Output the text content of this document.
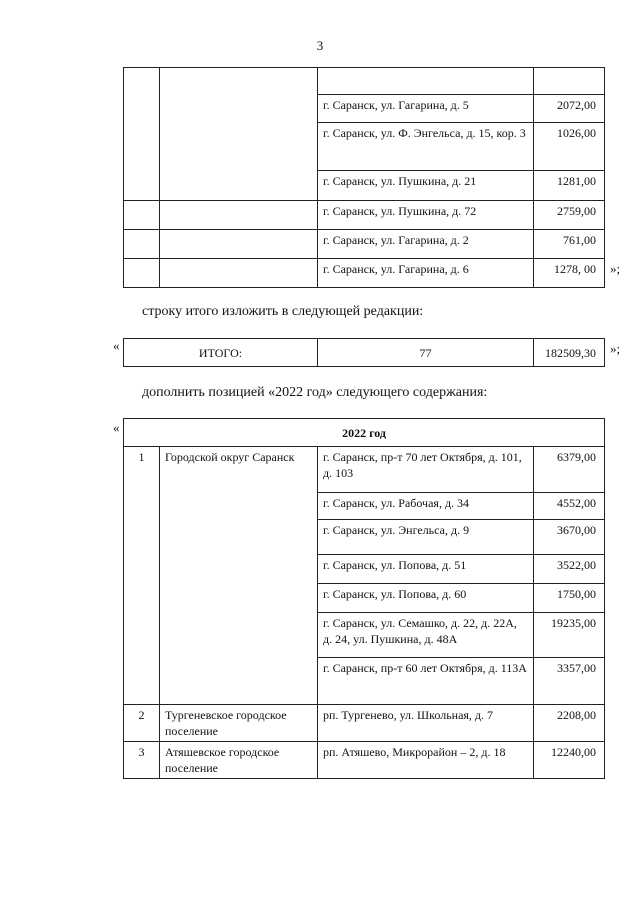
3

		г. Саранск, ул. Гагарина, д. 5	2072,00
		г. Саранск, ул. Ф. Энгельса, д. 15, кор. 3	1026,00
		г. Саранск, ул. Пушкина, д. 21	1281,00
		г. Саранск, ул. Пушкина, д. 72	2759,00
		г. Саранск, ул. Гагарина, д. 2	761,00
		г. Саранск, ул. Гагарина, д. 6	1278, 00 »;
строку итого изложить в следующей редакции:
«	ИТОГО:	77	182509,30 »;
дополнить позицией «2022 год» следующего содержания:
«	2022 год			
1	Городской округ Саранск	г. Саранск, пр-т 70 лет Октября, д. 101, д. 103	6379,00
		г. Саранск, ул. Рабочая, д. 34	4552,00
		г. Саранск, ул. Энгельса, д. 9	3670,00
		г. Саранск, ул. Попова, д. 51	3522,00
		г. Саранск, ул. Попова, д. 60	1750,00
		г. Саранск, ул. Семашко, д. 22, д. 22А, д. 24, ул. Пушкина, д. 48А	19235,00
		г. Саранск, пр-т 60 лет Октября, д. 113А	3357,00
2	Тургеневское городское поселение	рп. Тургенево, ул. Школьная, д. 7	2208,00
3	Атяшевское городское поселение	рп. Атяшево, Микрорайон – 2, д. 18	12240,00
